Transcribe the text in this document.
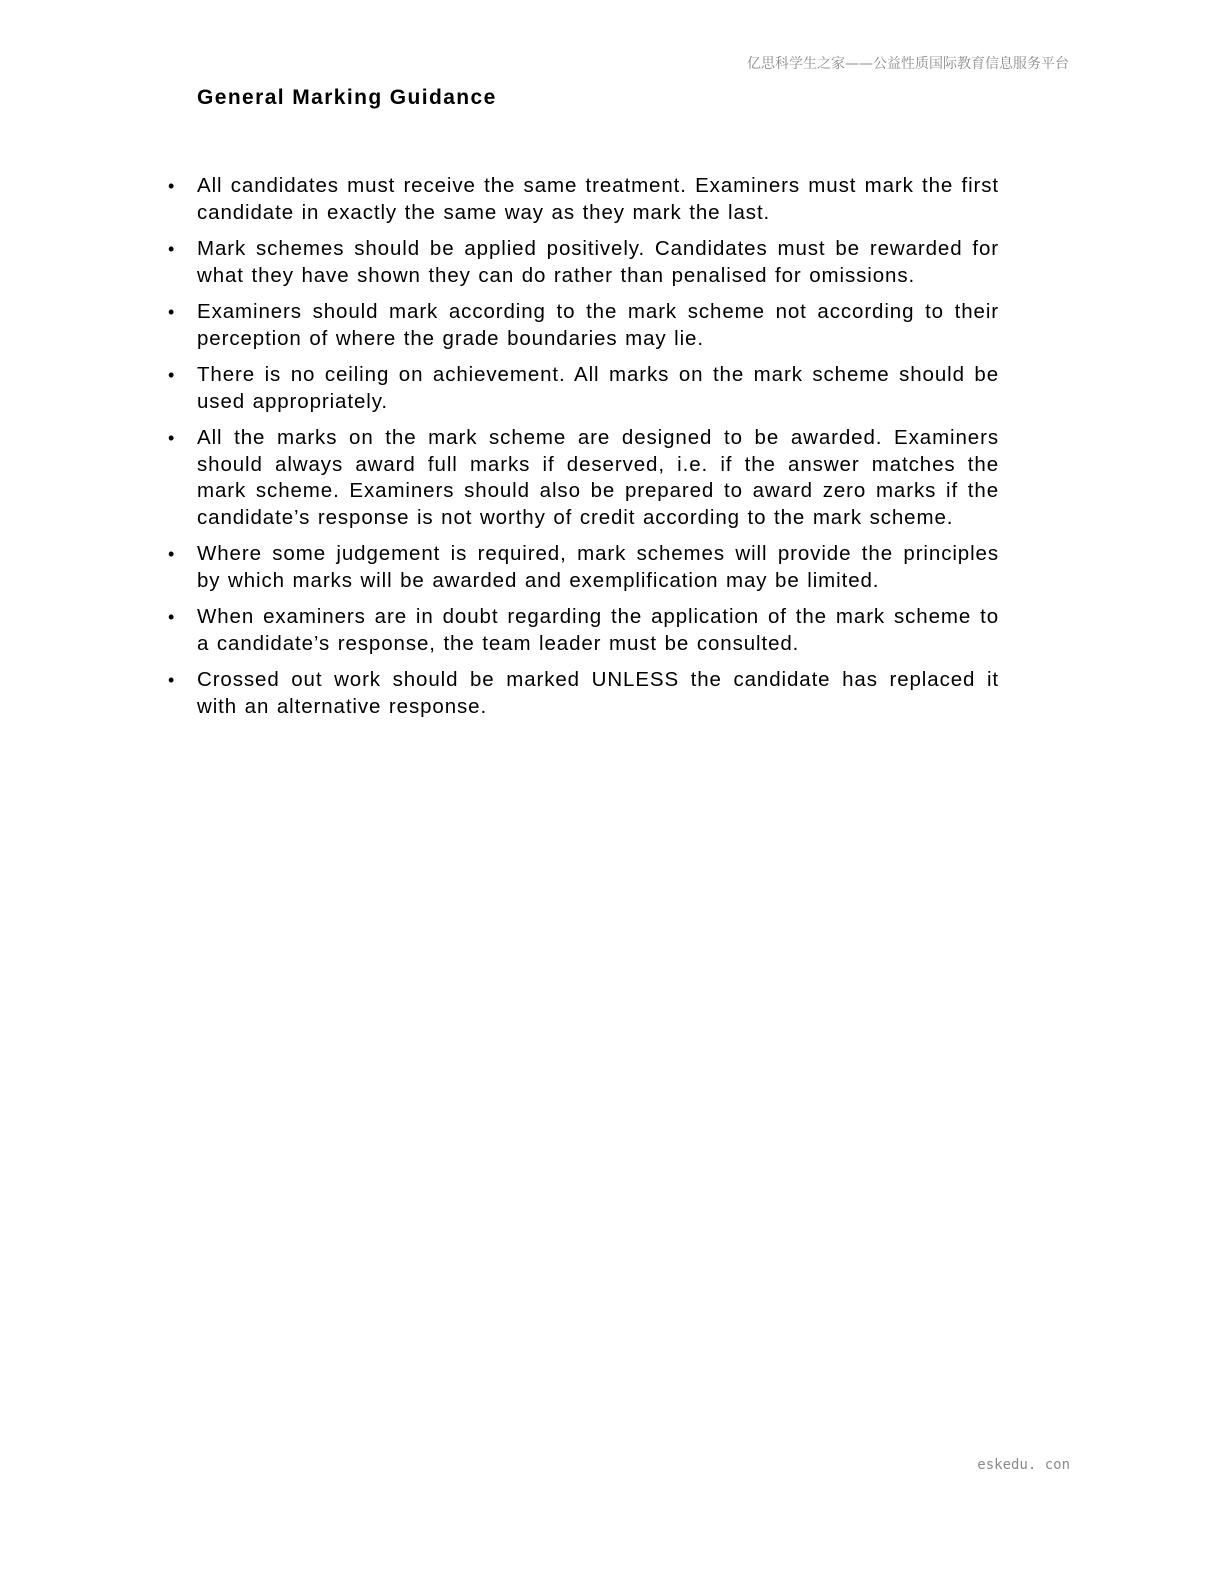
亿思科学生之家——公益性质国际教育信息服务平台
General Marking Guidance
• All candidates must receive the same treatment. Examiners must mark the first candidate in exactly the same way as they mark the last.
• Mark schemes should be applied positively. Candidates must be rewarded for what they have shown they can do rather than penalised for omissions.
• Examiners should mark according to the mark scheme not according to their perception of where the grade boundaries may lie.
• There is no ceiling on achievement. All marks on the mark scheme should be used appropriately.
• All the marks on the mark scheme are designed to be awarded. Examiners should always award full marks if deserved, i.e. if the answer matches the mark scheme. Examiners should also be prepared to award zero marks if the candidate’s response is not worthy of credit according to the mark scheme.
• Where some judgement is required, mark schemes will provide the principles by which marks will be awarded and exemplification may be limited.
• When examiners are in doubt regarding the application of the mark scheme to a candidate’s response, the team leader must be consulted.
• Crossed out work should be marked UNLESS the candidate has replaced it with an alternative response.
eskedu. con
